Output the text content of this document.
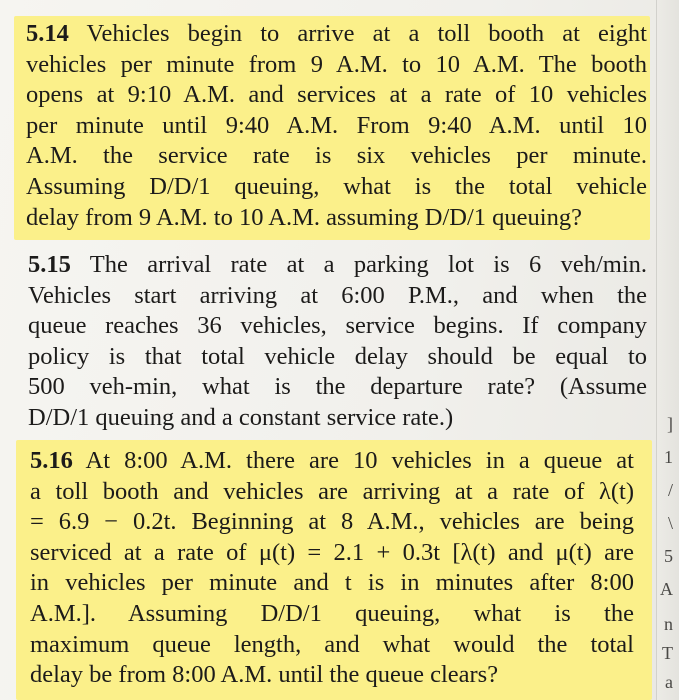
5.14 Vehicles begin to arrive at a toll booth at eight
vehicles per minute from 9 A.M. to 10 A.M. The booth
opens at 9:10 A.M. and services at a rate of 10 vehicles
per minute until 9:40 A.M. From 9:40 A.M. until 10
A.M. the service rate is six vehicles per minute.
Assuming D/D/1 queuing, what is the total vehicle
delay from 9 A.M. to 10 A.M. assuming D/D/1 queuing?
5.15 The arrival rate at a parking lot is 6 veh/min.
Vehicles start arriving at 6:00 P.M., and when the
queue reaches 36 vehicles, service begins. If company
policy is that total vehicle delay should be equal to
500 veh-min, what is the departure rate? (Assume
D/D/1 queuing and a constant service rate.)
5.16 At 8:00 A.M. there are 10 vehicles in a queue at
a toll booth and vehicles are arriving at a rate of λ(t)
= 6.9 − 0.2t. Beginning at 8 A.M., vehicles are being
serviced at a rate of μ(t) = 2.1 + 0.3t [λ(t) and μ(t) are
in vehicles per minute and t is in minutes after 8:00
A.M.]. Assuming D/D/1 queuing, what is the
maximum queue length, and what would the total
delay be from 8:00 A.M. until the queue clears?
]
1
/
\
5
A
n
T
a
